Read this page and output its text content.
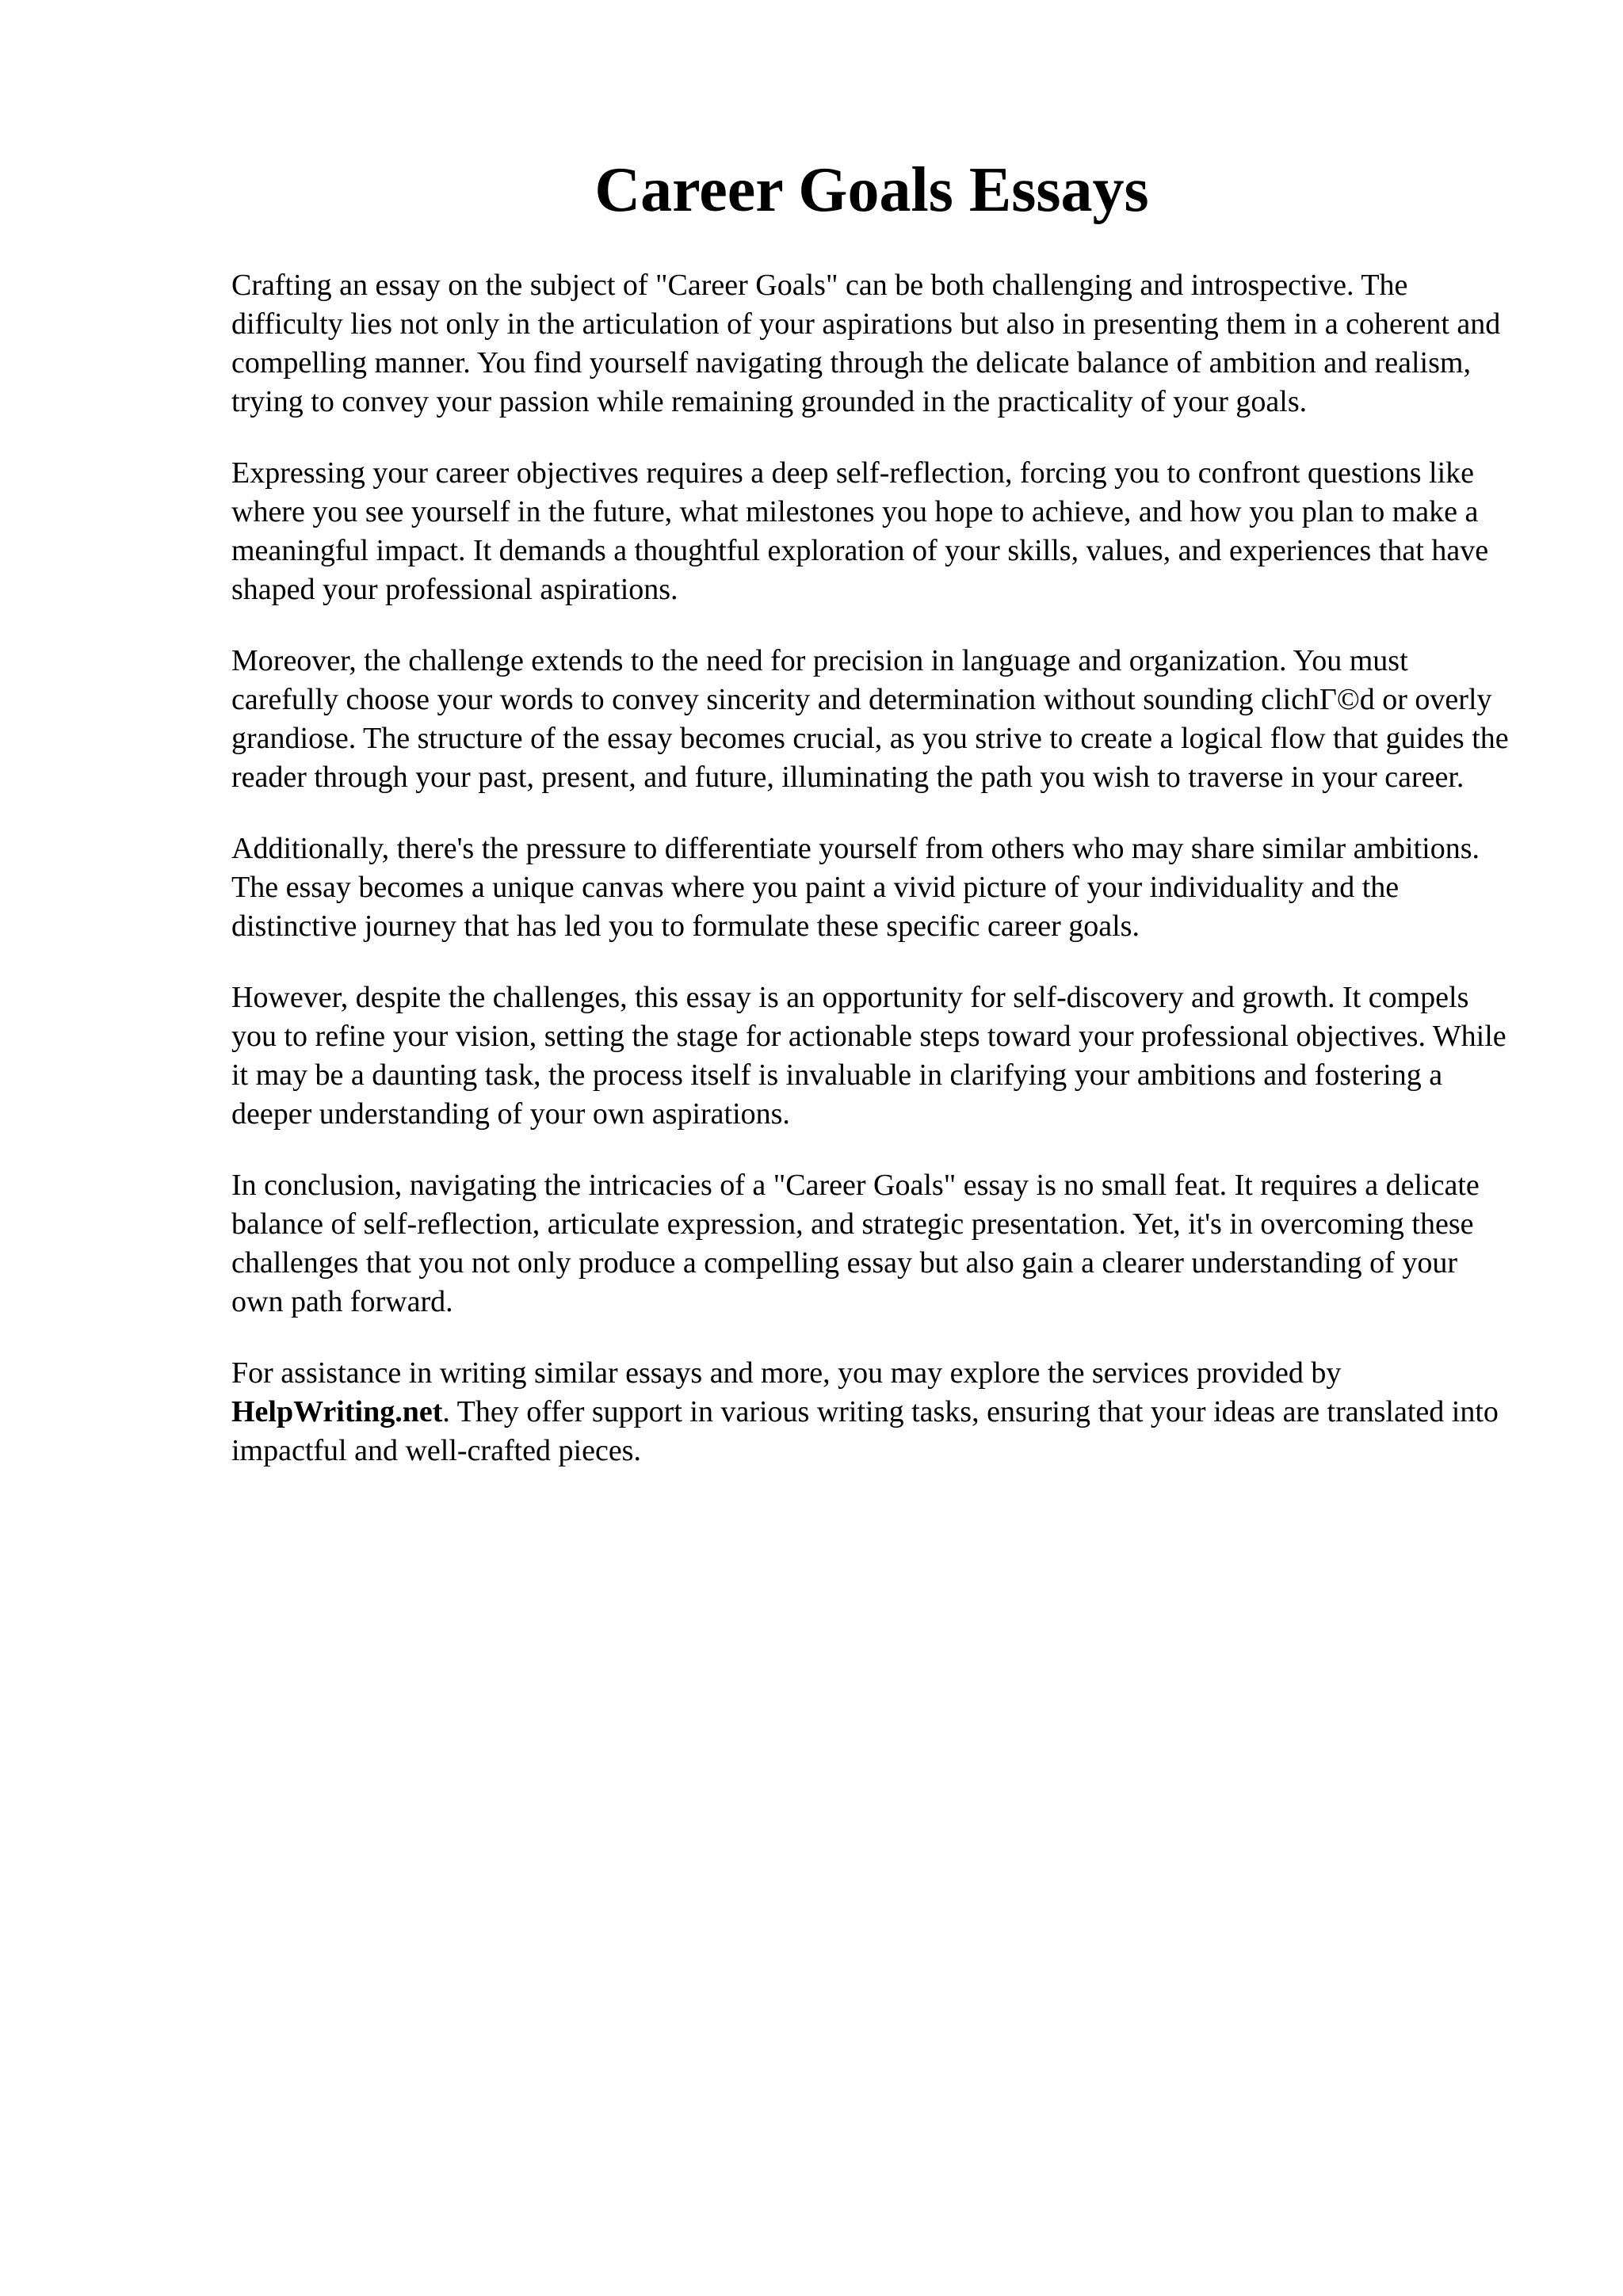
Career Goals Essays

Crafting an essay on the subject of "Career Goals" can be both challenging and introspective. The difficulty lies not only in the articulation of your aspirations but also in presenting them in a coherent and compelling manner. You find yourself navigating through the delicate balance of ambition and realism, trying to convey your passion while remaining grounded in the practicality of your goals.

Expressing your career objectives requires a deep self-reflection, forcing you to confront questions like where you see yourself in the future, what milestones you hope to achieve, and how you plan to make a meaningful impact. It demands a thoughtful exploration of your skills, values, and experiences that have shaped your professional aspirations.

Moreover, the challenge extends to the need for precision in language and organization. You must carefully choose your words to convey sincerity and determination without sounding clichΓ©d or overly grandiose. The structure of the essay becomes crucial, as you strive to create a logical flow that guides the reader through your past, present, and future, illuminating the path you wish to traverse in your career.

Additionally, there's the pressure to differentiate yourself from others who may share similar ambitions. The essay becomes a unique canvas where you paint a vivid picture of your individuality and the distinctive journey that has led you to formulate these specific career goals.

However, despite the challenges, this essay is an opportunity for self-discovery and growth. It compels you to refine your vision, setting the stage for actionable steps toward your professional objectives. While it may be a daunting task, the process itself is invaluable in clarifying your ambitions and fostering a deeper understanding of your own aspirations.

In conclusion, navigating the intricacies of a "Career Goals" essay is no small feat. It requires a delicate balance of self-reflection, articulate expression, and strategic presentation. Yet, it's in overcoming these challenges that you not only produce a compelling essay but also gain a clearer understanding of your own path forward.

For assistance in writing similar essays and more, you may explore the services provided by HelpWriting.net. They offer support in various writing tasks, ensuring that your ideas are translated into impactful and well-crafted pieces.
